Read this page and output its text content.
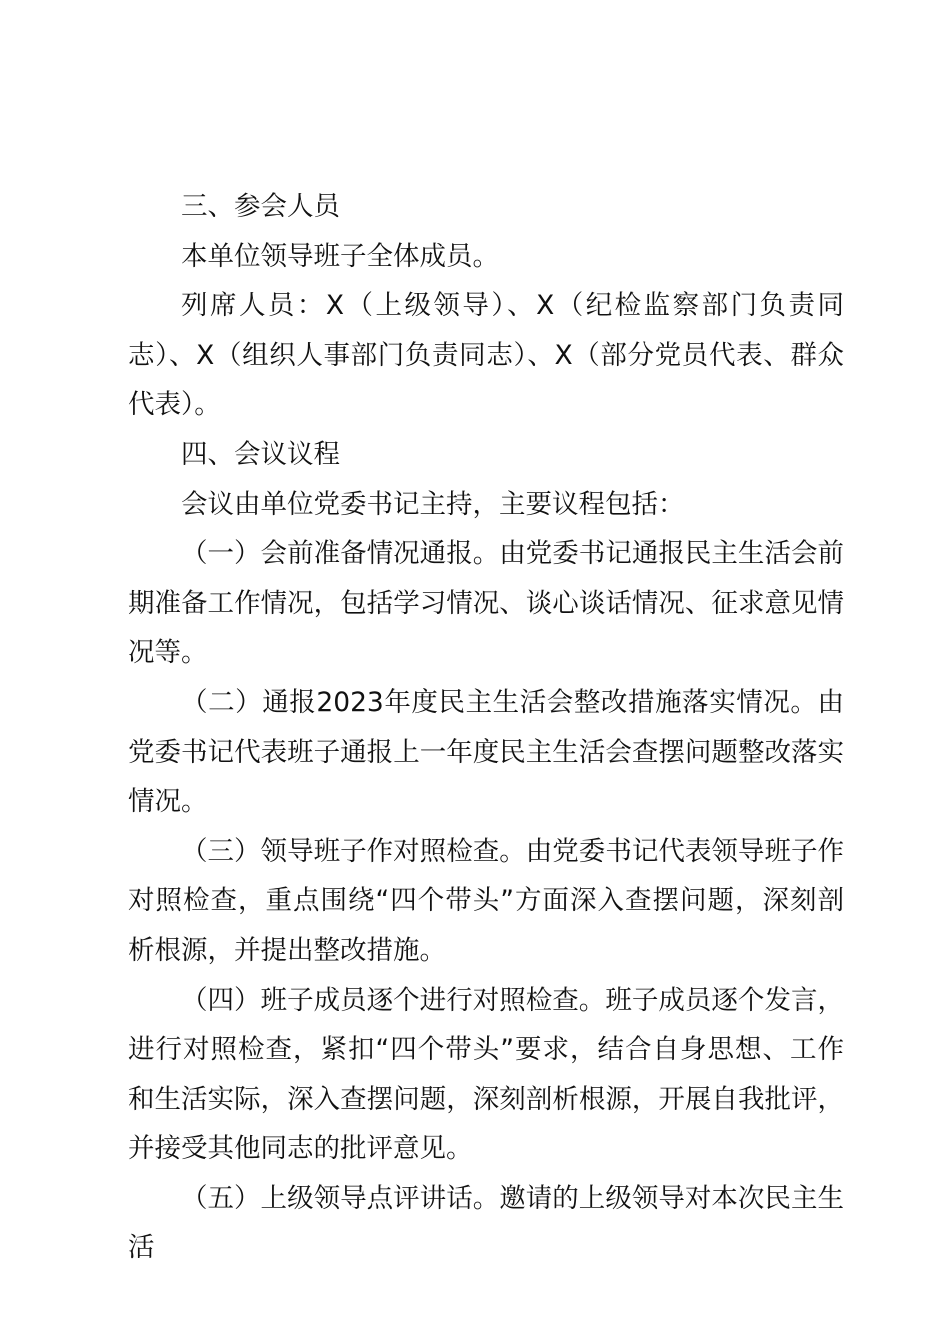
三、参会人员

本单位领导班子全体成员。

列席人员：X（上级领导）、X（纪检监察部门负责同志）、X（组织人事部门负责同志）、X（部分党员代表、群众代表）。

四、会议议程

会议由单位党委书记主持，主要议程包括：

（一）会前准备情况通报。由党委书记通报民主生活会前期准备工作情况，包括学习情况、谈心谈话情况、征求意见情况等。

（二）通报2023年度民主生活会整改措施落实情况。由党委书记代表班子通报上一年度民主生活会查摆问题整改落实情况。

（三）领导班子作对照检查。由党委书记代表领导班子作对照检查，重点围绕“四个带头”方面深入查摆问题，深刻剖析根源，并提出整改措施。

（四）班子成员逐个进行对照检查。班子成员逐个发言，进行对照检查，紧扣“四个带头”要求，结合自身思想、工作和生活实际，深入查摆问题，深刻剖析根源，开展自我批评，并接受其他同志的批评意见。

（五）上级领导点评讲话。邀请的上级领导对本次民主生活
